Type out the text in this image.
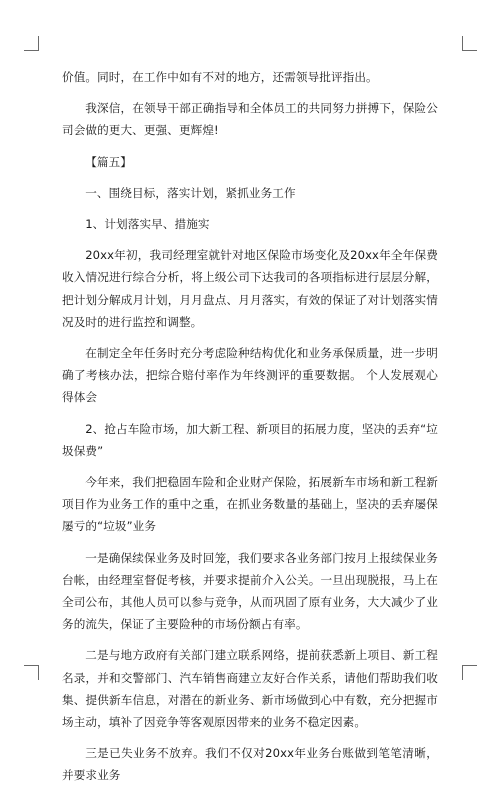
价值。同时，在工作中如有不对的地方，还需领导批评指出。

我深信，在领导干部正确指导和全体员工的共同努力拼搏下，保险公司会做的更大、更强、更辉煌!

【篇五】

一、围绕目标，落实计划，紧抓业务工作

1、计划落实早、措施实

20xx年初，我司经理室就针对地区保险市场变化及20xx年全年保费收入情况进行综合分析，将上级公司下达我司的各项指标进行层层分解，把计划分解成月计划，月月盘点、月月落实，有效的保证了对计划落实情况及时的进行监控和调整。

在制定全年任务时充分考虑险种结构优化和业务承保质量，进一步明确了考核办法，把综合赔付率作为年终测评的重要数据。 个人发展观心得体会

2、抢占车险市场，加大新工程、新项目的拓展力度，坚决的丢弃“垃圾保费”

今年来，我们把稳固车险和企业财产保险，拓展新车市场和新工程新项目作为业务工作的重中之重，在抓业务数量的基础上，坚决的丢弃屡保屡亏的“垃圾”业务

一是确保续保业务及时回笼，我们要求各业务部门按月上报续保业务台帐，由经理室督促考核，并要求提前介入公关。一旦出现脱报，马上在全司公布，其他人员可以参与竞争，从而巩固了原有业务，大大减少了业务的流失，保证了主要险种的市场份额占有率。

二是与地方政府有关部门建立联系网络，提前获悉新上项目、新工程名录，并和交警部门、汽车销售商建立友好合作关系，请他们帮助我们收集、提供新车信息，对潜在的新业务、新市场做到心中有数，充分把握市场主动，填补了因竞争等客观原因带来的业务不稳定因素。

三是已失业务不放弃。我们不仅对20xx年业务台账做到笔笔清晰，并要求业务
